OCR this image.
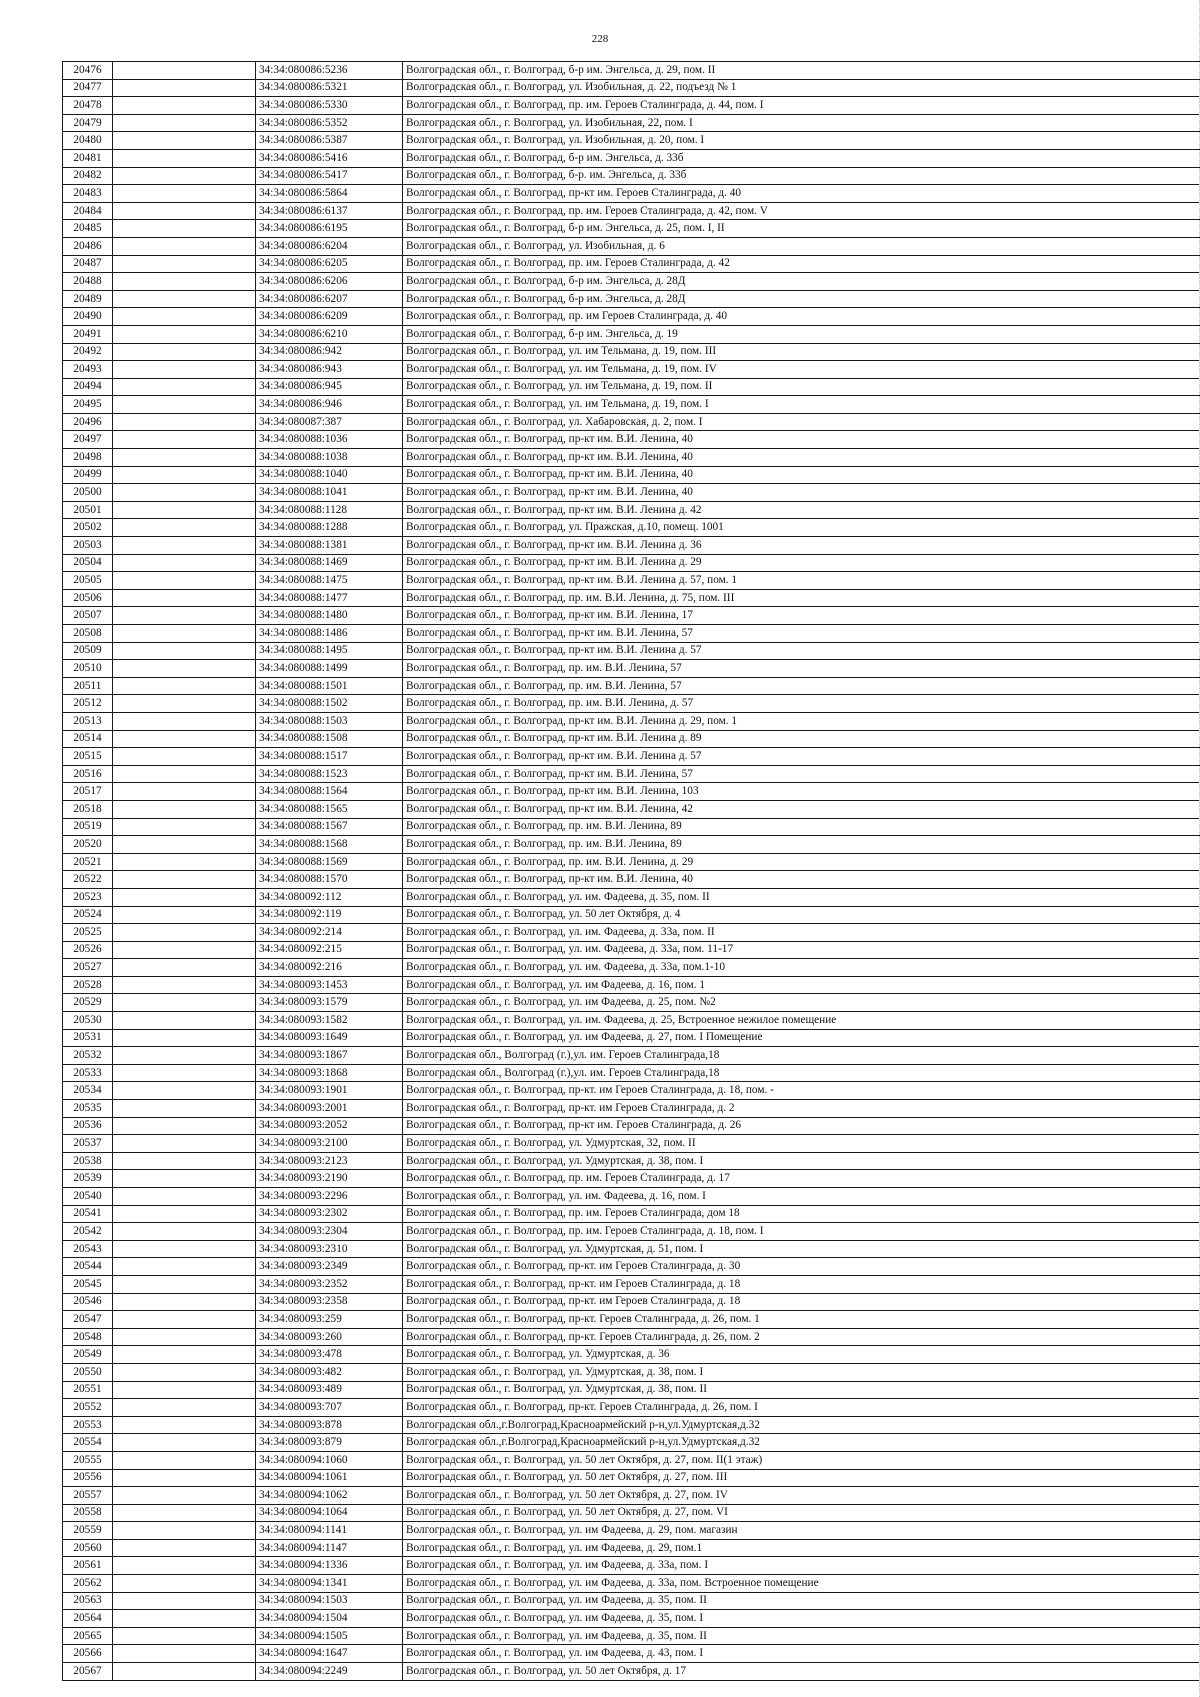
228
20476		34:34:080086:5236	Волгоградская обл., г. Волгоград, б-р им. Энгельса, д. 29, пом. II
20477		34:34:080086:5321	Волгоградская обл., г. Волгоград, ул. Изобильная, д. 22, подъезд № 1
20478		34:34:080086:5330	Волгоградская обл., г. Волгоград, пр. им. Героев Сталинграда, д. 44, пом. I
20479		34:34:080086:5352	Волгоградская обл., г. Волгоград, ул. Изобильная, 22, пом. I
20480		34:34:080086:5387	Волгоградская обл., г. Волгоград, ул. Изобильная, д. 20, пом. I
20481		34:34:080086:5416	Волгоградская обл., г. Волгоград, б-р им. Энгельса, д. 33б
20482		34:34:080086:5417	Волгоградская обл., г. Волгоград, б-р. им. Энгельса, д. 33б
20483		34:34:080086:5864	Волгоградская обл., г. Волгоград, пр-кт им. Героев Сталинграда, д. 40
20484		34:34:080086:6137	Волгоградская обл., г. Волгоград, пр. им. Героев Сталинграда, д. 42, пом. V
20485		34:34:080086:6195	Волгоградская обл., г. Волгоград, б-р им. Энгельса, д. 25, пом. I, II
20486		34:34:080086:6204	Волгоградская обл., г. Волгоград, ул. Изобильная, д. 6
20487		34:34:080086:6205	Волгоградская обл., г. Волгоград, пр. им. Героев Сталинграда, д. 42
20488		34:34:080086:6206	Волгоградская обл., г. Волгоград, б-р им. Энгельса, д. 28Д
20489		34:34:080086:6207	Волгоградская обл., г. Волгоград, б-р им. Энгельса, д. 28Д
20490		34:34:080086:6209	Волгоградская обл., г. Волгоград, пр. им Героев Сталинграда, д. 40
20491		34:34:080086:6210	Волгоградская обл., г. Волгоград, б-р им. Энгельса, д. 19
20492		34:34:080086:942	Волгоградская обл., г. Волгоград, ул. им Тельмана, д. 19, пом. III
20493		34:34:080086:943	Волгоградская обл., г. Волгоград, ул. им Тельмана, д. 19, пом. IV
20494		34:34:080086:945	Волгоградская обл., г. Волгоград, ул. им Тельмана, д. 19, пом. II
20495		34:34:080086:946	Волгоградская обл., г. Волгоград, ул. им Тельмана, д. 19, пом. I
20496		34:34:080087:387	Волгоградская обл., г. Волгоград, ул. Хабаровская, д. 2, пом. I
20497		34:34:080088:1036	Волгоградская обл., г. Волгоград, пр-кт им. В.И. Ленина, 40
20498		34:34:080088:1038	Волгоградская обл., г. Волгоград, пр-кт им. В.И. Ленина, 40
20499		34:34:080088:1040	Волгоградская обл., г. Волгоград, пр-кт им. В.И. Ленина, 40
20500		34:34:080088:1041	Волгоградская обл., г. Волгоград, пр-кт им. В.И. Ленина, 40
20501		34:34:080088:1128	Волгоградская обл., г. Волгоград, пр-кт им. В.И. Ленина д. 42
20502		34:34:080088:1288	Волгоградская обл., г. Волгоград, ул. Пражская, д.10, помещ. 1001
20503		34:34:080088:1381	Волгоградская обл., г. Волгоград, пр-кт им. В.И. Ленина д. 36
20504		34:34:080088:1469	Волгоградская обл., г. Волгоград, пр-кт им. В.И. Ленина д. 29
20505		34:34:080088:1475	Волгоградская обл., г. Волгоград, пр-кт им. В.И. Ленина д. 57, пом. 1
20506		34:34:080088:1477	Волгоградская обл., г. Волгоград, пр. им. В.И. Ленина, д. 75, пом. III
20507		34:34:080088:1480	Волгоградская обл., г. Волгоград, пр-кт им. В.И. Ленина, 17
20508		34:34:080088:1486	Волгоградская обл., г. Волгоград, пр-кт им. В.И. Ленина, 57
20509		34:34:080088:1495	Волгоградская обл., г. Волгоград, пр-кт им. В.И. Ленина д. 57
20510		34:34:080088:1499	Волгоградская обл., г. Волгоград, пр. им. В.И. Ленина, 57
20511		34:34:080088:1501	Волгоградская обл., г. Волгоград, пр. им. В.И. Ленина, 57
20512		34:34:080088:1502	Волгоградская обл., г. Волгоград, пр. им. В.И. Ленина, д. 57
20513		34:34:080088:1503	Волгоградская обл., г. Волгоград, пр-кт им. В.И. Ленина д. 29, пом. 1
20514		34:34:080088:1508	Волгоградская обл., г. Волгоград, пр-кт им. В.И. Ленина д. 89
20515		34:34:080088:1517	Волгоградская обл., г. Волгоград, пр-кт им. В.И. Ленина д. 57
20516		34:34:080088:1523	Волгоградская обл., г. Волгоград, пр-кт им. В.И. Ленина, 57
20517		34:34:080088:1564	Волгоградская обл., г. Волгоград, пр-кт им. В.И. Ленина, 103
20518		34:34:080088:1565	Волгоградская обл., г. Волгоград, пр-кт им. В.И. Ленина, 42
20519		34:34:080088:1567	Волгоградская обл., г. Волгоград, пр. им. В.И. Ленина, 89
20520		34:34:080088:1568	Волгоградская обл., г. Волгоград, пр. им. В.И. Ленина, 89
20521		34:34:080088:1569	Волгоградская обл., г. Волгоград, пр. им. В.И. Ленина, д. 29
20522		34:34:080088:1570	Волгоградская обл., г. Волгоград, пр-кт им. В.И. Ленина, 40
20523		34:34:080092:112	Волгоградская обл., г. Волгоград, ул. им. Фадеева, д. 35, пом. II
20524		34:34:080092:119	Волгоградская обл., г. Волгоград, ул. 50 лет Октября, д. 4
20525		34:34:080092:214	Волгоградская обл., г. Волгоград, ул. им. Фадеева, д. 33а, пом. II
20526		34:34:080092:215	Волгоградская обл., г. Волгоград, ул. им. Фадеева, д. 33а, пом. 11-17
20527		34:34:080092:216	Волгоградская обл., г. Волгоград, ул. им. Фадеева, д. 33а, пом.1-10
20528		34:34:080093:1453	Волгоградская обл., г. Волгоград, ул. им Фадеева, д. 16, пом. 1
20529		34:34:080093:1579	Волгоградская обл., г. Волгоград, ул. им Фадеева, д. 25, пом. №2
20530		34:34:080093:1582	Волгоградская обл., г. Волгоград, ул. им. Фадеева, д. 25, Встроенное нежилое помещение
20531		34:34:080093:1649	Волгоградская обл., г. Волгоград, ул. им Фадеева, д. 27, пом. I Помещение
20532		34:34:080093:1867	Волгоградская обл., Волгоград (г.),ул. им. Героев Сталинграда,18
20533		34:34:080093:1868	Волгоградская обл., Волгоград (г.),ул. им. Героев Сталинграда,18
20534		34:34:080093:1901	Волгоградская обл., г. Волгоград, пр-кт. им Героев Сталинграда, д. 18, пом. -
20535		34:34:080093:2001	Волгоградская обл., г. Волгоград, пр-кт. им Героев Сталинграда, д. 2
20536		34:34:080093:2052	Волгоградская обл., г. Волгоград, пр-кт им. Героев Сталинграда, д. 26
20537		34:34:080093:2100	Волгоградская обл., г. Волгоград, ул. Удмуртская, 32, пом. II
20538		34:34:080093:2123	Волгоградская обл., г. Волгоград, ул. Удмуртская, д. 38, пом. I
20539		34:34:080093:2190	Волгоградская обл., г. Волгоград, пр. им. Героев Сталинграда, д. 17
20540		34:34:080093:2296	Волгоградская обл., г. Волгоград, ул. им. Фадеева, д. 16, пом. I
20541		34:34:080093:2302	Волгоградская обл., г. Волгоград, пр. им. Героев Сталинграда, дом 18
20542		34:34:080093:2304	Волгоградская обл., г. Волгоград, пр. им. Героев Сталинграда, д. 18, пом. I
20543		34:34:080093:2310	Волгоградская обл., г. Волгоград, ул. Удмуртская, д. 51, пом. I
20544		34:34:080093:2349	Волгоградская обл., г. Волгоград, пр-кт. им Героев Сталинграда, д. 30
20545		34:34:080093:2352	Волгоградская обл., г. Волгоград, пр-кт. им Героев Сталинграда, д. 18
20546		34:34:080093:2358	Волгоградская обл., г. Волгоград, пр-кт. им Героев Сталинграда, д. 18
20547		34:34:080093:259	Волгоградская обл., г. Волгоград, пр-кт. Героев Сталинграда, д. 26, пом. 1
20548		34:34:080093:260	Волгоградская обл., г. Волгоград, пр-кт. Героев Сталинграда, д. 26, пом. 2
20549		34:34:080093:478	Волгоградская обл., г. Волгоград, ул. Удмуртская, д. 36
20550		34:34:080093:482	Волгоградская обл., г. Волгоград, ул. Удмуртская, д. 38, пом. I
20551		34:34:080093:489	Волгоградская обл., г. Волгоград, ул. Удмуртская, д. 38, пом. II
20552		34:34:080093:707	Волгоградская обл., г. Волгоград, пр-кт. Героев Сталинграда, д. 26, пом. I
20553		34:34:080093:878	Волгоградская обл.,г.Волгоград,Красноармейский р-н,ул.Удмуртская,д.32
20554		34:34:080093:879	Волгоградская обл.,г.Волгоград,Красноармейский р-н,ул.Удмуртская,д.32
20555		34:34:080094:1060	Волгоградская обл., г. Волгоград, ул. 50 лет Октября, д. 27, пом. II(1 этаж)
20556		34:34:080094:1061	Волгоградская обл., г. Волгоград, ул. 50 лет Октября, д. 27, пом. III
20557		34:34:080094:1062	Волгоградская обл., г. Волгоград, ул. 50 лет Октября, д. 27, пом. IV
20558		34:34:080094:1064	Волгоградская обл., г. Волгоград, ул. 50 лет Октября, д. 27, пом. VI
20559		34:34:080094:1141	Волгоградская обл., г. Волгоград, ул. им Фадеева, д. 29, пом. магазин
20560		34:34:080094:1147	Волгоградская обл., г. Волгоград, ул. им Фадеева, д. 29, пом.1
20561		34:34:080094:1336	Волгоградская обл., г. Волгоград, ул. им Фадеева, д. 33а, пом. I
20562		34:34:080094:1341	Волгоградская обл., г. Волгоград, ул. им Фадеева, д. 33а, пом. Встроенное помещение
20563		34:34:080094:1503	Волгоградская обл., г. Волгоград, ул. им Фадеева, д. 35, пом. II
20564		34:34:080094:1504	Волгоградская обл., г. Волгоград, ул. им Фадеева, д. 35, пом. I
20565		34:34:080094:1505	Волгоградская обл., г. Волгоград, ул. им Фадеева, д. 35, пом. II
20566		34:34:080094:1647	Волгоградская обл., г. Волгоград, ул. им Фадеева, д. 43, пом. I
20567		34:34:080094:2249	Волгоградская обл., г. Волгоград, ул. 50 лет Октября, д. 17
